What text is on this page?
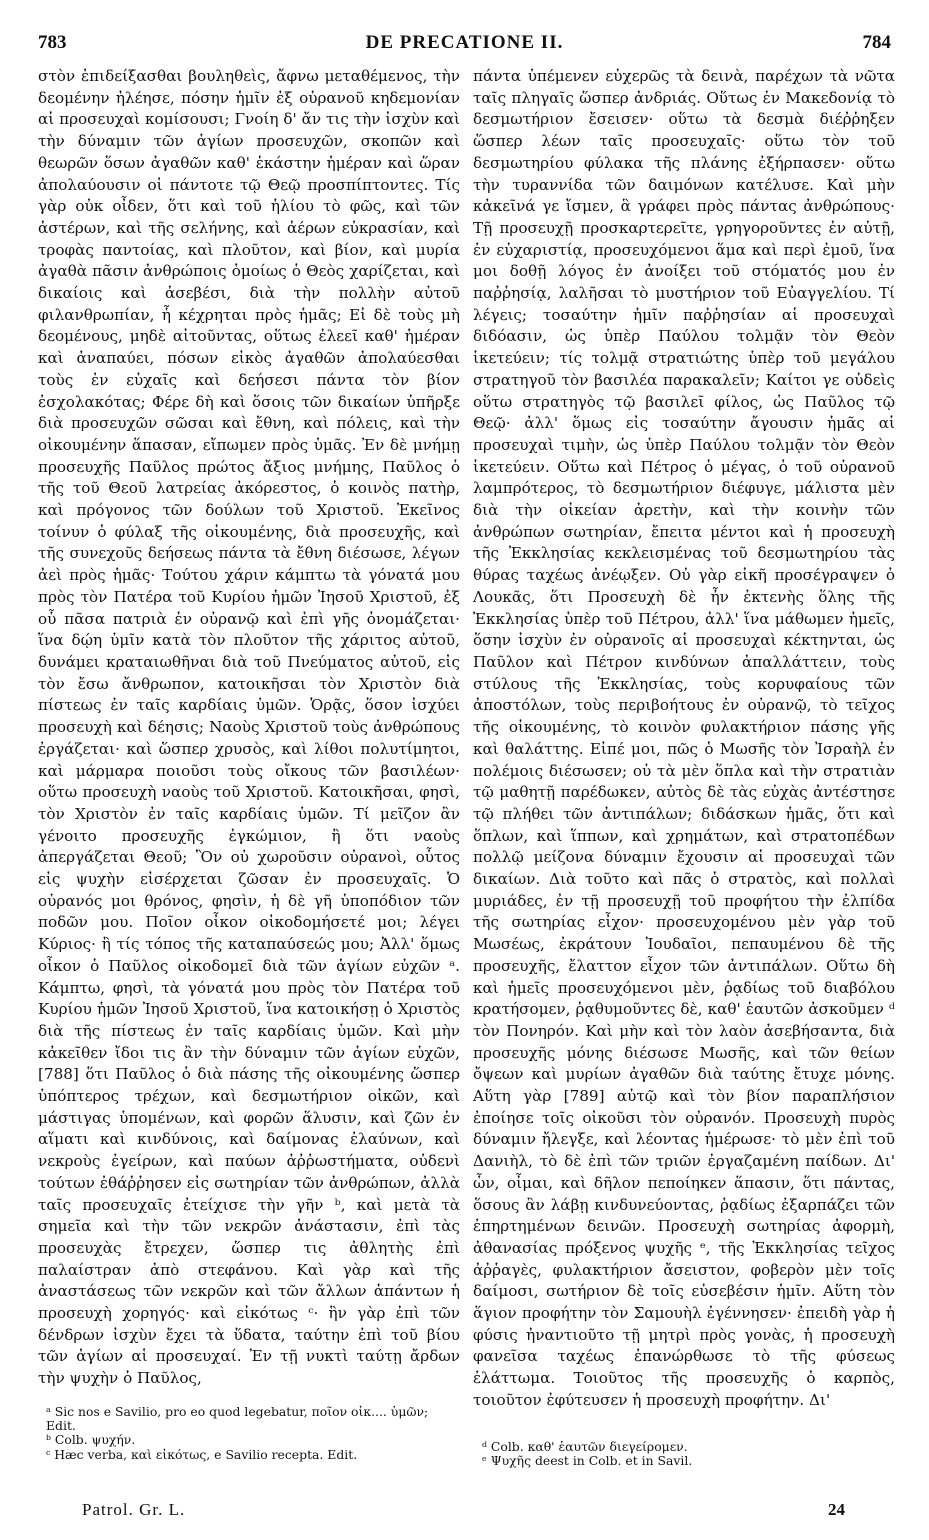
783	DE PRECATIONE II.	784
στὸν ἐπιδείξασθαι βουληθεὶς, ἄφνω μεταθέμενος, τὴν δεομένην ἠλέησε, πόσην ἡμῖν ἐξ οὐρανοῦ κηδεμονίαν αἱ προσευχαὶ κομίσουσι; Γνοίη δ' ἄν τις τὴν ἰσχὺν καὶ τὴν δύναμιν τῶν ἁγίων προσευχῶν, σκοπῶν καὶ θεωρῶν ὅσων ἀγαθῶν καθ' ἑκάστην ἡμέραν καὶ ὥραν ἀπολαύουσιν οἱ πάντοτε τῷ Θεῷ προσπίπτοντες. Τίς γὰρ οὐκ οἶδεν, ὅτι καὶ τοῦ ἡλίου τὸ φῶς, καὶ τῶν ἀστέρων, καὶ τῆς σελήνης, καὶ ἀέρων εὐκρασίαν, καὶ τροφὰς παντοίας, καὶ πλοῦτον, καὶ βίον, καὶ μυρία ἀγαθὰ πᾶσιν ἀνθρώποις ὁμοίως ὁ Θεὸς χαρίζεται, καὶ δικαίοις καὶ ἀσεβέσι, διὰ τὴν πολλὴν αὐτοῦ φιλανθρωπίαν, ἧ κέχρηται πρὸς ἡμᾶς; Εἰ δὲ τοὺς μὴ δεομένους, μηδὲ αἰτοῦντας, οὕτως ἐλεεῖ καθ' ἡμέραν καὶ ἀναπαύει, πόσων εἰκὸς ἀγαθῶν ἀπολαύεσθαι τοὺς ἐν εὐχαῖς καὶ δεήσεσι πάντα τὸν βίον ἐσχολακότας; Φέρε δὴ καὶ ὅσοις τῶν δικαίων ὑπῆρξε διὰ προσευχῶν σῶσαι καὶ ἔθνη, καὶ πόλεις, καὶ τὴν οἰκουμένην ἅπασαν, εἴπωμεν πρὸς ὑμᾶς. Ἐν δὲ μνήμῃ προσευχῆς Παῦλος πρώτος ἄξιος μνήμης, Παῦλος ὁ τῆς τοῦ Θεοῦ λατρείας ἀκόρεστος, ὁ κοινὸς πατὴρ, καὶ πρόγονος τῶν δούλων τοῦ Χριστοῦ. Ἐκεῖνος τοίνυν ὁ φύλαξ τῆς οἰκουμένης, διὰ προσευχῆς, καὶ τῆς συνεχοῦς δεήσεως πάντα τὰ ἔθνη διέσωσε, λέγων ἀεὶ πρὸς ἡμᾶς· Τούτου χάριν κάμπτω τὰ γόνατά μου πρὸς τὸν Πατέρα τοῦ Κυρίου ἡμῶν Ἰησοῦ Χριστοῦ, ἐξ οὗ πᾶσα πατριὰ ἐν οὐρανῷ καὶ ἐπὶ γῆς ὀνομάζεται· ἵνα δῴη ὑμῖν κατὰ τὸν πλοῦτον τῆς χάριτος αὐτοῦ, δυνάμει κραταιωθῆναι διὰ τοῦ Πνεύματος αὐτοῦ, εἰς τὸν ἔσω ἄνθρωπον, κατοικῆσαι τὸν Χριστὸν διὰ πίστεως ἐν ταῖς καρδίαις ὑμῶν. Ὁρᾷς, ὅσον ἰσχύει προσευχὴ καὶ δέησις; Ναοὺς Χριστοῦ τοὺς ἀνθρώπους ἐργάζεται· καὶ ὥσπερ χρυσὸς, καὶ λίθοι πολυτίμητοι, καὶ μάρμαρα ποιοῦσι τοὺς οἴκους τῶν βασιλέων· οὕτω προσευχὴ ναοὺς τοῦ Χριστοῦ. Κατοικῆσαι, φησὶ, τὸν Χριστὸν ἐν ταῖς καρδίαις ὑμῶν. Τί μεῖζον ἂν γένοιτο προσευχῆς ἐγκώμιον, ἢ ὅτι ναοὺς ἀπεργάζεται Θεοῦ; Ὃν οὐ χωροῦσιν οὐρανοὶ, οὗτος εἰς ψυχὴν εἰσέρχεται ζῶσαν ἐν προσευχαῖς. Ὁ οὐρανός μοι θρόνος, φησὶν, ἡ δὲ γῆ ὑποπόδιον τῶν ποδῶν μου. Ποῖον οἶκον οἰκοδομήσετέ μοι; λέγει Κύριος· ἢ τίς τόπος τῆς καταπαύσεώς μου; Ἀλλ' ὅμως οἶκον ὁ Παῦλος οἰκοδομεῖ διὰ τῶν ἁγίων εὐχῶν ᵃ. Κάμπτω, φησὶ, τὰ γόνατά μου πρὸς τὸν Πατέρα τοῦ Κυρίου ἡμῶν Ἰησοῦ Χριστοῦ, ἵνα κατοικήσῃ ὁ Χριστὸς διὰ τῆς πίστεως ἐν ταῖς καρδίαις ὑμῶν. Καὶ μὴν κἀκεῖθεν ἴδοι τις ἂν τὴν δύναμιν τῶν ἁγίων εὐχῶν, [788] ὅτι Παῦλος ὁ διὰ πάσης τῆς οἰκουμένης ὥσπερ ὑπόπτερος τρέχων, καὶ δεσμωτήριον οἰκῶν, καὶ μάστιγας ὑπομένων, καὶ φορῶν ἅλυσιν, καὶ ζῶν ἐν αἵματι καὶ κινδύνοις, καὶ δαίμονας ἐλαύνων, καὶ νεκροὺς ἐγείρων, καὶ παύων ἀῤῥωστήματα, οὐδενὶ τούτων ἐθάῤῥησεν εἰς σωτηρίαν τῶν ἀνθρώπων, ἀλλὰ ταῖς προσευχαῖς ἐτείχισε τὴν γῆν ᵇ, καὶ μετὰ τὰ σημεῖα καὶ τὴν τῶν νεκρῶν ἀνάστασιν, ἐπὶ τὰς προσευχὰς ἔτρεχεν, ὥσπερ τις ἀθλητὴς ἐπὶ παλαίστραν ἀπὸ στεφάνου. Καὶ γὰρ καὶ τῆς ἀναστάσεως τῶν νεκρῶν καὶ τῶν ἄλλων ἁπάντων ἡ προσευχὴ χορηγός· καὶ εἰκότως ᶜ· ἣν γὰρ ἐπὶ τῶν δένδρων ἰσχὺν ἔχει τὰ ὕδατα, ταύτην ἐπὶ τοῦ βίου τῶν ἁγίων αἱ προσευχαί. Ἐν τῇ νυκτὶ ταύτῃ ἄρδων τὴν ψυχὴν ὁ Παῦλος,
πάντα ὑπέμενεν εὐχερῶς τὰ δεινὰ, παρέχων τὰ νῶτα ταῖς πληγαῖς ὥσπερ ἀνδριάς. Οὕτως ἐν Μακεδονίᾳ τὸ δεσμωτήριον ἔσεισεν· οὕτω τὰ δεσμὰ διέῤῥηξεν ὥσπερ λέων ταῖς προσευχαῖς· οὕτω τὸν τοῦ δεσμωτηρίου φύλακα τῆς πλάνης ἐξήρπασεν· οὕτω τὴν τυραννίδα τῶν δαιμόνων κατέλυσε. Καὶ μὴν κἀκεῖνά γε ἴσμεν, ἃ γράφει πρὸς πάντας ἀνθρώπους· Τῇ προσευχῇ προσκαρτερεῖτε, γρηγοροῦντες ἐν αὐτῇ, ἐν εὐχαριστίᾳ, προσευχόμενοι ἅμα καὶ περὶ ἐμοῦ, ἵνα μοι δοθῇ λόγος ἐν ἀνοίξει τοῦ στόματός μου ἐν παῤῥησίᾳ, λαλῆσαι τὸ μυστήριον τοῦ Εὐαγγελίου. Τί λέγεις; τοσαύτην ἡμῖν παῤῥησίαν αἱ προσευχαὶ διδόασιν, ὡς ὑπὲρ Παύλου τολμᾷν τὸν Θεὸν ἱκετεύειν; τίς τολμᾷ στρατιώτης ὑπὲρ τοῦ μεγάλου στρατηγοῦ τὸν βασιλέα παρακαλεῖν; Καίτοι γε οὐδεὶς οὕτω στρατηγὸς τῷ βασιλεῖ φίλος, ὡς Παῦλος τῷ Θεῷ· ἀλλ' ὅμως εἰς τοσαύτην ἄγουσιν ἡμᾶς αἱ προσευχαὶ τιμὴν, ὡς ὑπὲρ Παύλου τολμᾷν τὸν Θεὸν ἱκετεύειν. Οὕτω καὶ Πέτρος ὁ μέγας, ὁ τοῦ οὐρανοῦ λαμπρότερος, τὸ δεσμωτήριον διέφυγε, μάλιστα μὲν διὰ τὴν οἰκείαν ἀρετὴν, καὶ τὴν κοινὴν τῶν ἀνθρώπων σωτηρίαν, ἔπειτα μέντοι καὶ ἡ προσευχὴ τῆς Ἐκκλησίας κεκλεισμένας τοῦ δεσμωτηρίου τὰς θύρας ταχέως ἀνέῳξεν. Οὐ γὰρ εἰκῆ προσέγραψεν ὁ Λουκᾶς, ὅτι Προσευχὴ δὲ ἦν ἐκτενὴς ὅλης τῆς Ἐκκλησίας ὑπὲρ τοῦ Πέτρου, ἀλλ' ἵνα μάθωμεν ἡμεῖς, ὅσην ἰσχὺν ἐν οὐρανοῖς αἱ προσευχαὶ κέκτηνται, ὡς Παῦλον καὶ Πέτρον κινδύνων ἀπαλλάττειν, τοὺς στύλους τῆς Ἐκκλησίας, τοὺς κορυφαίους τῶν ἀποστόλων, τοὺς περιβοήτους ἐν οὐρανῷ, τὸ τεῖχος τῆς οἰκουμένης, τὸ κοινὸν φυλακτήριον πάσης γῆς καὶ θαλάττης. Εἰπέ μοι, πῶς ὁ Μωσῆς τὸν Ἰσραὴλ ἐν πολέμοις διέσωσεν; οὐ τὰ μὲν ὅπλα καὶ τὴν στρατιὰν τῷ μαθητῇ παρέδωκεν, αὐτὸς δὲ τὰς εὐχὰς ἀντέστησε τῷ πλήθει τῶν ἀντιπάλων; διδάσκων ἡμᾶς, ὅτι καὶ ὅπλων, καὶ ἵππων, καὶ χρημάτων, καὶ στρατοπέδων πολλῷ μείζονα δύναμιν ἔχουσιν αἱ προσευχαὶ τῶν δικαίων. Διὰ τοῦτο καὶ πᾶς ὁ στρατὸς, καὶ πολλαὶ μυριάδες, ἐν τῇ προσευχῇ τοῦ προφήτου τὴν ἐλπίδα τῆς σωτηρίας εἶχον· προσευχομένου μὲν γὰρ τοῦ Μωσέως, ἐκράτουν Ἰουδαῖοι, πεπαυμένου δὲ τῆς προσευχῆς, ἔλαττον εἶχον τῶν ἀντιπάλων. Οὕτω δὴ καὶ ἡμεῖς προσευχόμενοι μὲν, ῥᾳδίως τοῦ διαβόλου κρατήσομεν, ῥᾳθυμοῦντες δὲ, καθ' ἑαυτῶν ἀσκοῦμεν ᵈ τὸν Πονηρόν. Καὶ μὴν καὶ τὸν λαὸν ἀσεβήσαντα, διὰ προσευχῆς μόνης διέσωσε Μωσῆς, καὶ τῶν θείων ὄψεων καὶ μυρίων ἀγαθῶν διὰ ταύτης ἔτυχε μόνης. Αὕτη γὰρ [789] αὐτῷ καὶ τὸν βίον παραπλήσιον ἐποίησε τοῖς οἰκοῦσι τὸν οὐρανόν. Προσευχὴ πυρὸς δύναμιν ἤλεγξε, καὶ λέοντας ἡμέρωσε· τὸ μὲν ἐπὶ τοῦ Δανιὴλ, τὸ δὲ ἐπὶ τῶν τριῶν ἐργαζαμένη παίδων. Δι' ὧν, οἶμαι, καὶ δῆλον πεποίηκεν ἅπασιν, ὅτι πάντας, ὅσους ἂν λάβῃ κινδυνεύοντας, ῥᾳδίως ἐξαρπάζει τῶν ἐπηρτημένων δεινῶν. Προσευχὴ σωτηρίας ἀφορμὴ, ἀθανασίας πρόξενος ψυχῆς ᵉ, τῆς Ἐκκλησίας τεῖχος ἀῤῥαγὲς, φυλακτήριον ἄσειστον, φοβερὸν μὲν τοῖς δαίμοσι, σωτήριον δὲ τοῖς εὐσεβέσιν ἡμῖν. Αὕτη τὸν ἅγιον προφήτην τὸν Σαμουὴλ ἐγέννησεν· ἐπειδὴ γὰρ ἡ φύσις ἠναντιοῦτο τῇ μητρὶ πρὸς γονὰς, ἡ προσευχὴ φανεῖσα ταχέως ἐπανώρθωσε τὸ τῆς φύσεως ἐλάττωμα. Τοιοῦτος τῆς προσευχῆς ὁ καρπὸς, τοιοῦτον ἐφύτευσεν ἡ προσευχὴ προφήτην. Δι'
ᵃ Sic nos e Savilio, pro eo quod legebatur, ποῖον οἰκ.... ὑμῶν; Edit.
ᵇ Colb. ψυχήν.
ᶜ Hæc verba, καὶ εἰκότως, e Savilio recepta. Edit.
ᵈ Colb. καθ' ἑαυτῶν διεγείρομεν.
ᵉ Ψυχῆς deest in Colb. et in Savil.
Patrol. Gr. L.	24
